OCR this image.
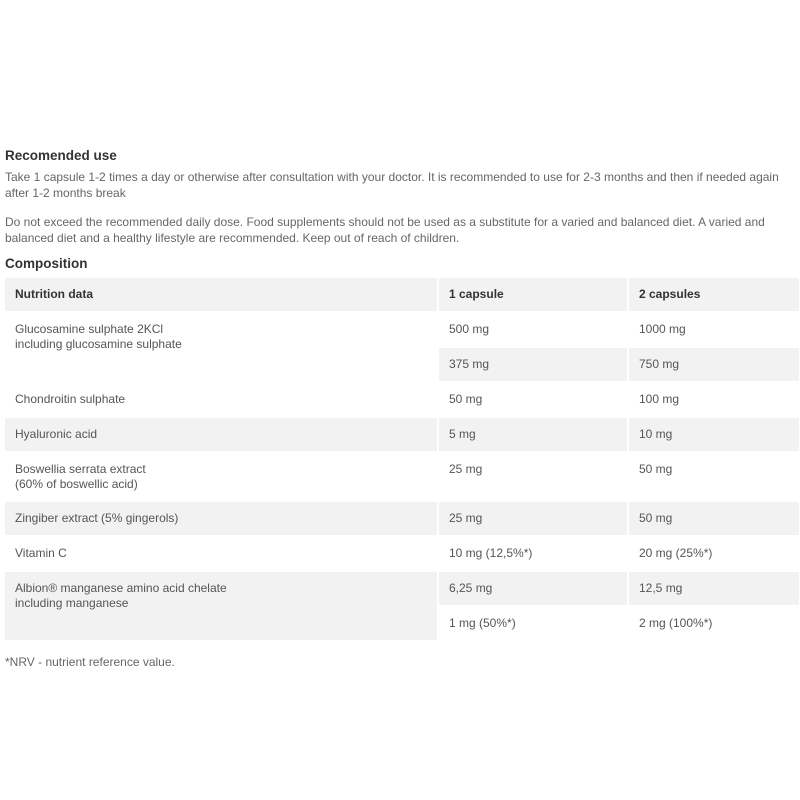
Recomended use

Take 1 capsule 1-2 times a day or otherwise after consultation with your doctor. It is recommended to use for 2-3 months and then if needed again after 1-2 months break

Do not exceed the recommended daily dose. Food supplements should not be used as a substitute for a varied and balanced diet. A varied and balanced diet and a healthy lifestyle are recommended. Keep out of reach of children.

Composition
Nutrition data	1 capsule	2 capsules
Glucosamine sulphate 2KCl
including glucosamine sulphate	500 mg	1000 mg
	375 mg	750 mg
Chondroitin sulphate	50 mg	100 mg
Hyaluronic acid	5 mg	10 mg
Boswellia serrata extract
(60% of boswellic acid)	25 mg	50 mg
Zingiber extract (5% gingerols)	25 mg	50 mg
Vitamin C	10 mg (12,5%*)	20 mg (25%*)
Albion® manganese amino acid chelate
including manganese	6,25 mg	12,5 mg
	1 mg (50%*)	2 mg (100%*)

*NRV - nutrient reference value.
